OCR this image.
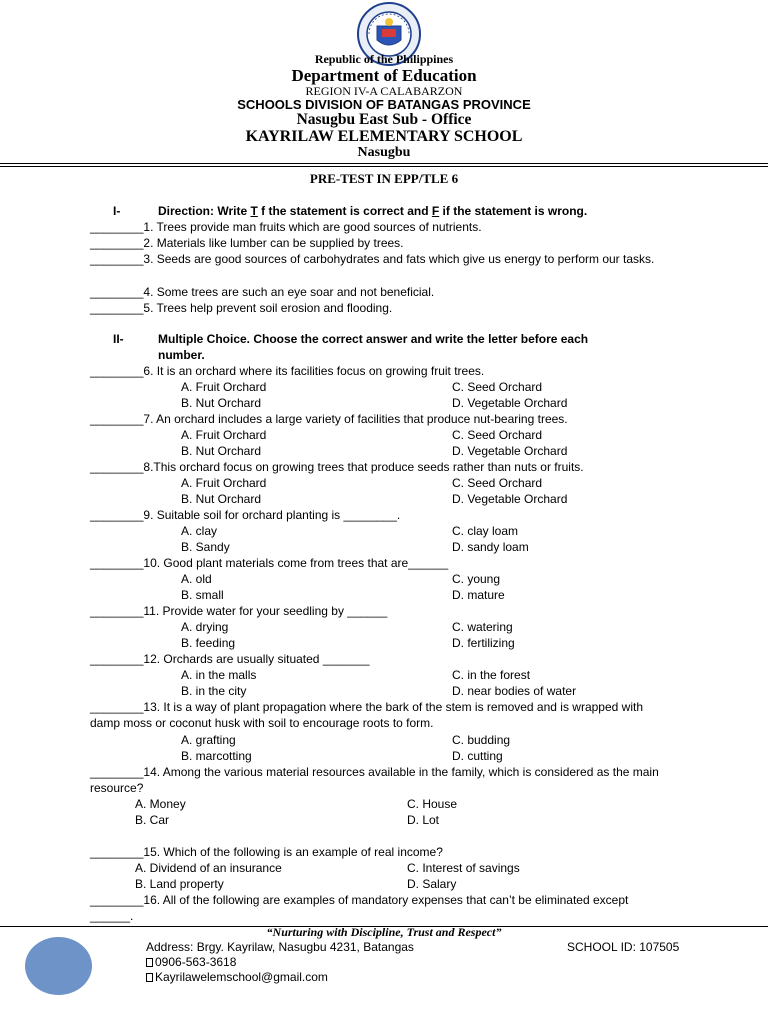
Republic of the Philippines
Department of Education
REGION IV-A CALABARZON
SCHOOLS DIVISION OF BATANGAS PROVINCE
Nasugbu East Sub - Office
KAYRILAW ELEMENTARY SCHOOL
Nasugbu
PRE-TEST IN EPP/TLE 6
I-	Direction: Write T f the statement is correct and F if the statement is wrong.
________1. Trees provide man fruits which are good sources of nutrients.
________2. Materials like lumber can be supplied by trees.
________3. Seeds are good sources of carbohydrates and fats which give us energy to perform our tasks.
________4. Some trees are such an eye soar and not beneficial.
________5. Trees help prevent soil erosion and flooding.
II-	Multiple Choice. Choose the correct answer and write the letter before each
number.
________6. It is an orchard where its facilities focus on growing fruit trees.
A. Fruit Orchard	C. Seed Orchard
B. Nut Orchard	D. Vegetable Orchard
________7. An orchard includes a large variety of facilities that produce nut-bearing trees.
A. Fruit Orchard	C. Seed Orchard
B. Nut Orchard	D. Vegetable Orchard
________8.This orchard focus on growing trees that produce seeds rather than nuts or fruits.
A. Fruit Orchard	C. Seed Orchard
B. Nut Orchard	D. Vegetable Orchard
________9. Suitable soil for orchard planting is ________.
A. clay	C. clay loam
B. Sandy	D. sandy loam
________10. Good plant materials come from trees that are______
A. old	C. young
B. small	D. mature
________11. Provide water for your seedling by ______
A. drying	C. watering
B. feeding	D. fertilizing
________12. Orchards are usually situated _______
A. in the malls	C. in the forest
B. in the city	D. near bodies of water
________13. It is a way of plant propagation where the bark of the stem is removed and is wrapped with damp moss or coconut husk with soil to encourage roots to form.
A. grafting	C. budding
B. marcotting	D. cutting
________14. Among the various material resources available in the family, which is considered as the main resource?
A. Money	C. House
B. Car	D. Lot
________15. Which of the following is an example of real income?
A. Dividend of an insurance	C. Interest of savings
B. Land property	D. Salary
________16. All of the following are examples of mandatory expenses that can’t be eliminated except ______.
“Nurturing with Discipline, Trust and Respect”
Address: Brgy. Kayrilaw, Nasugbu 4231, Batangas	SCHOOL ID: 107505
0906-563-3618
Kayrilawelemschool@gmail.com
